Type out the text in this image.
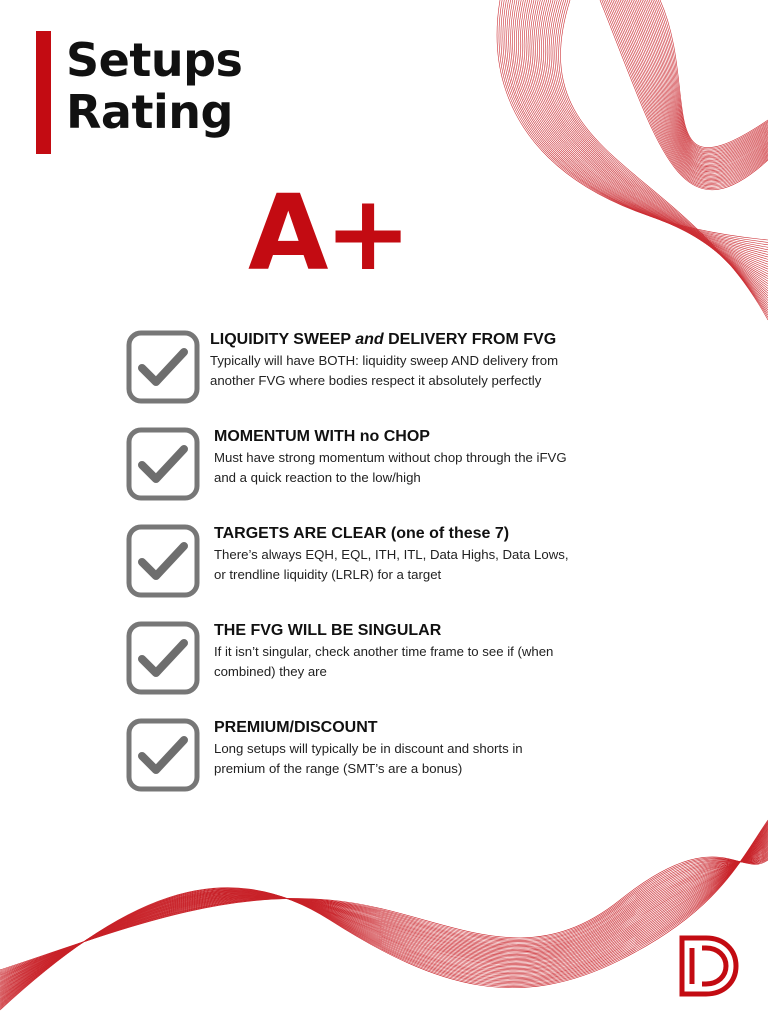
Setups
Rating
A+
LIQUIDITY SWEEP and DELIVERY FROM FVG
Typically will have BOTH: liquidity sweep AND delivery from another FVG where bodies respect it absolutely perfectly
MOMENTUM WITH no CHOP
Must have strong momentum without chop through the iFVG and a quick reaction to the low/high
TARGETS ARE CLEAR (one of these 7)
There’s always EQH, EQL, ITH, ITL, Data Highs, Data Lows, or trendline liquidity (LRLR) for a target
THE FVG WILL BE SINGULAR
If it isn’t singular, check another time frame to see if (when combined) they are
PREMIUM/DISCOUNT
Long setups will typically be in discount and shorts in premium of the range (SMT’s are a bonus)
